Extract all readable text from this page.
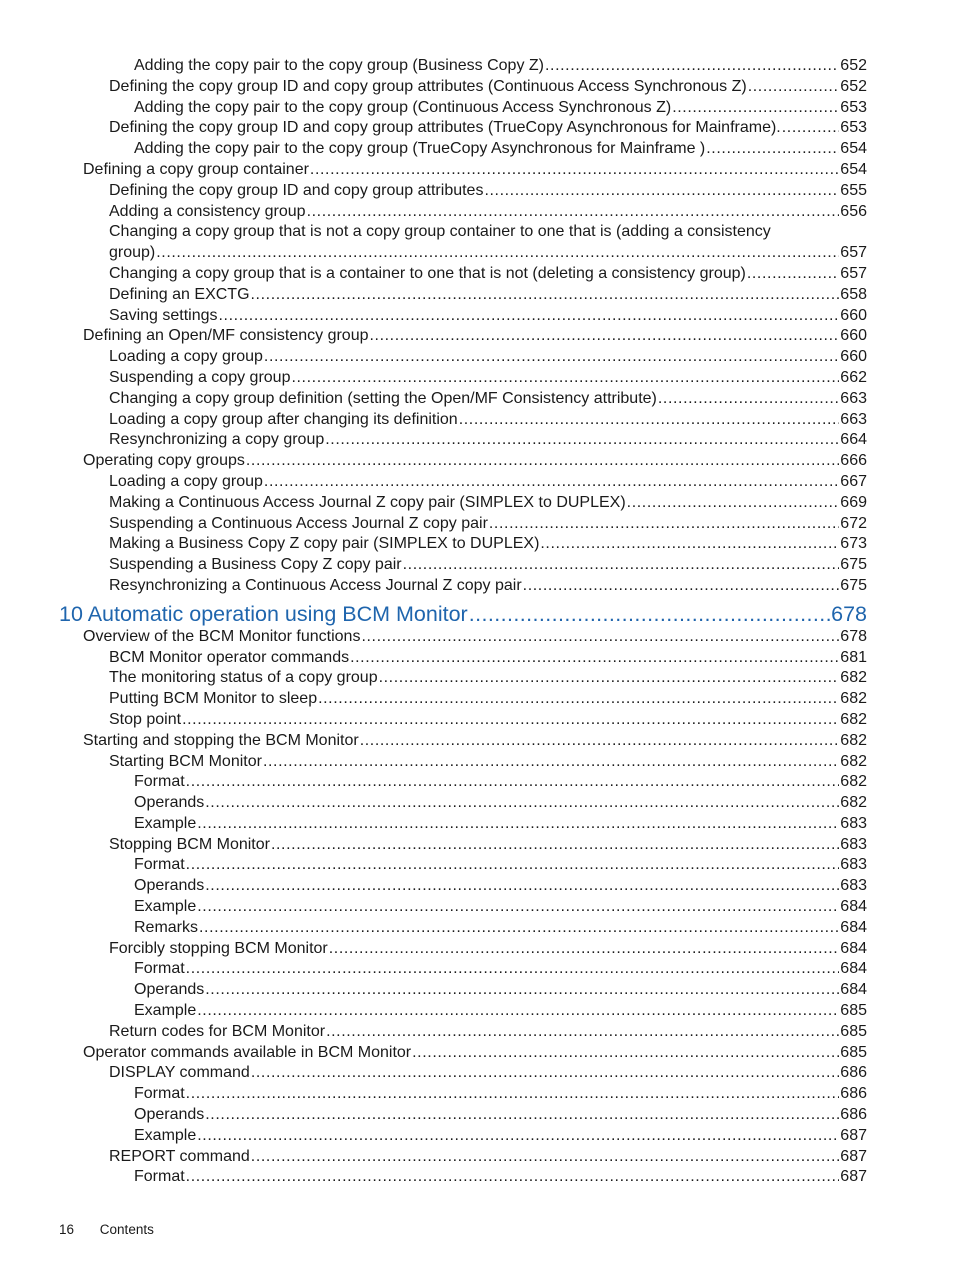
Adding the copy pair to the copy group (Business Copy Z) .....	652
Defining the copy group ID and copy group attributes (Continuous Access Synchronous Z) .....	652
Adding the copy pair to the copy group (Continuous Access Synchronous Z) .....	653
Defining the copy group ID and copy group attributes (TrueCopy Asynchronous for Mainframe). .....	653
Adding the copy pair to the copy group (TrueCopy Asynchronous for Mainframe ) .....	654
Defining a copy group container .....	654
Defining the copy group ID and copy group attributes .....	655
Adding a consistency group .....	656
Changing a copy group that is not a copy group container to one that is (adding a consistency
group) .....	657
Changing a copy group that is a container to one that is not (deleting a consistency group) .....	657
Defining an EXCTG .....	658
Saving settings .....	660
Defining an Open/MF consistency group .....	660
Loading a copy group .....	660
Suspending a copy group .....	662
Changing a copy group definition (setting the Open/MF Consistency attribute) .....	663
Loading a copy group after changing its definition .....	663
Resynchronizing a copy group .....	664
Operating copy groups .....	666
Loading a copy group .....	667
Making a Continuous Access Journal Z copy pair (SIMPLEX to DUPLEX) .....	669
Suspending a Continuous Access Journal Z copy pair .....	672
Making a Business Copy Z copy pair (SIMPLEX to DUPLEX) .....	673
Suspending a Business Copy Z copy pair .....	675
Resynchronizing a Continuous Access Journal Z copy pair .....	675
10 Automatic operation using BCM Monitor .....	678
Overview of the BCM Monitor functions .....	678
BCM Monitor operator commands .....	681
The monitoring status of a copy group .....	682
Putting BCM Monitor to sleep .....	682
Stop point .....	682
Starting and stopping the BCM Monitor .....	682
Starting BCM Monitor .....	682
Format .....	682
Operands .....	682
Example .....	683
Stopping BCM Monitor .....	683
Format .....	683
Operands .....	683
Example .....	684
Remarks .....	684
Forcibly stopping BCM Monitor .....	684
Format .....	684
Operands .....	684
Example .....	685
Return codes for BCM Monitor .....	685
Operator commands available in BCM Monitor .....	685
DISPLAY command .....	686
Format .....	686
Operands .....	686
Example .....	687
REPORT command .....	687
Format .....	687
16 Contents
